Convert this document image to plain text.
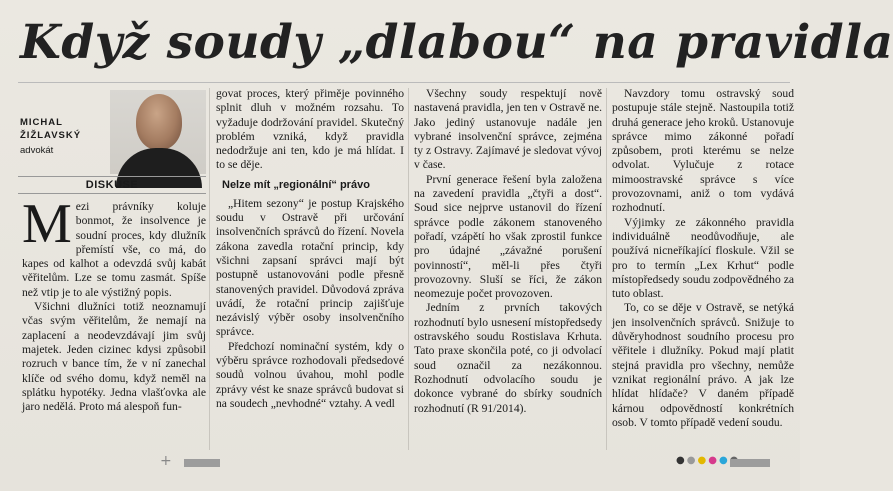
Když soudy „dlabou“ na pravidla
MICHAL
ŽIŽLAVSKÝ
advokát
DISKUSE

Mezi právníky koluje bonmot, že insolvence je soudní proces, kdy dlužník přemístí vše, co má, do kapes od kalhot a odevzdá svůj kabát věřitelům. Lze se tomu zasmát. Spíše než vtip je to ale výstižný popis.

Všichni dlužníci totiž neoznamují včas svým věřitelům, že nemají na zaplacení a neodevzdávají jim svůj majetek. Jeden cizinec kdysi způsobil rozruch v bance tím, že v ní zanechal klíče od svého domu, když neměl na splátku hypotéky. Jedna vlašťovka ale jaro nedělá. Proto má alespoň fun-

govat proces, který přiměje povinného splnit dluh v možném rozsahu. To vyžaduje dodržování pravidel. Skutečný problém vzniká, když pravidla nedodržuje ani ten, kdo je má hlídat. I to se děje.

Nelze mít „regionální“ právo

„Hitem sezony“ je postup Krajského soudu v Ostravě při určování insolvenčních správců do řízení. Novela zákona zavedla rotační princip, kdy všichni zapsaní správci mají být postupně ustanovováni podle přesně stanovených pravidel. Důvodová zpráva uvádí, že rotační princip zajišťuje nezávislý výběr osoby insolvenčního správce.

Předchozí nominační systém, kdy o výběru správce rozhodovali předsedové soudů volnou úvahou, mohl podle zprávy vést ke snaze správců budovat si na soudech „nevhodné“ vztahy. A vedl

Všechny soudy respektují nově nastavená pravidla, jen ten v Ostravě ne. Jako jediný ustanovuje nadále jen vybrané insolvenční správce, zejména ty z Ostravy. Zajímavé je sledovat vývoj v čase.

První generace řešení byla založena na zavedení pravidla „čtyři a dost“. Soud sice nejprve ustanovil do řízení správce podle zákonem stanoveného pořadí, vzápětí ho však zprostil funkce pro údajné „závažné porušení povinností“, měl-li přes čtyři provozovny. Sluší se říci, že zákon neomezuje počet provozoven.

Jedním z prvních takových rozhodnutí bylo usnesení místopředsedy ostravského soudu Rostislava Krhuta. Tato praxe skončila poté, co ji odvolací soud označil za nezákonnou. Rozhodnutí odvolacího soudu je dokonce vybrané do sbírky soudních rozhodnutí (R 91/2014).

Navzdory tomu ostravský soud postupuje stále stejně. Nastoupila totiž druhá generace jeho kroků. Ustanovuje správce mimo zákonné pořadí způsobem, proti kterému se nelze odvolat. Vylučuje z rotace mimoostravské správce s více provozovnami, aniž o tom vydává rozhodnutí.

Výjimky ze zákonného pravidla individuálně neodůvodňuje, ale používá nicneříkající floskule. Vžil se pro to termín „Lex Krhut“ podle místopředsedy soudu zodpovědného za tuto oblast.

To, co se děje v Ostravě, se netýká jen insolvenčních správců. Snižuje to důvěryhodnost soudního procesu pro věřitele i dlužníky. Pokud mají platit stejná pravidla pro všechny, nemůže vznikat regionální právo. A jak lze hlídat hlídače? V daném případě kárnou odpovědností konkrétních osob. V tomto případě vedení soudu.

+	●●●●●
